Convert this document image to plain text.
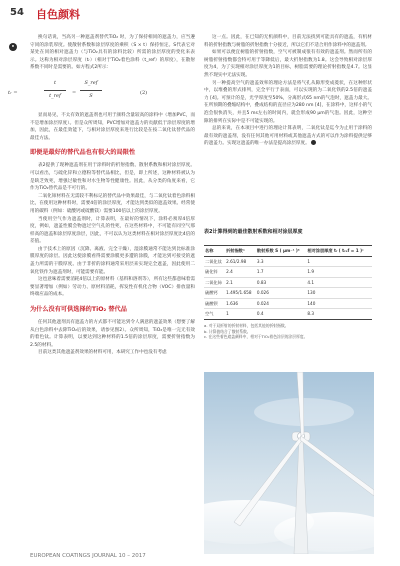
54 自色颜料
•

换句话说，当高另一种遮盖剂替代TiO₂ 时，为了保持相同的遮盖力，应当遵守同的涂装厚度。使散射系数和涂层厚度的乘积（S × t）保持恒定。S代表它对某处在同的相对遮盖力（与TiO₂具有的涂料比较）所需的涂层厚度的变化来表示。这称为相对涂层厚度（tᵣ）（相对于TiO₂着色涂料（t_ref）的厚度），在散射系数不同时是需要的。如方程式2所示：

tᵣ =
t
t_ref	=
S_ref
S	(2)

显而易见，不太有效的遮盖剂也可用于颜料含量较高的涂料中（增加PVC，而不是增加涂层厚度）。但是众所周知，PVC增加对遮盖力的贡献低于涂层厚度的增加，因此，在最佳效能下，与相对涂层厚度来进行比较是在按二氧化钛替代品的最佳方法。

即便是最好的替代品也有很大的局限性

表2提供了现种遮盖剂在用于涂料时的折射指数、散射系数和相对涂层厚度。可以看出，与硫化锌和立德粉等替代品相比，但是，即上所述，这种材料被认为是缺乏致死，增强过敏性和对水生物等性健康性。因此，从分类的角度来看，它作为TiO₂替代品是不可行的。

二氧化铈材料在无需较不利标记的替代品中效果最佳，与二氧化钛着色涂料相比，在使用这种材料时，需要4倍的涂层厚度，才能达到类似的遮盖效果。经常使用的碳料（例如：硫酸钙或硫酸镁）需要100倍以上的涂层厚度。

当使用空气作为遮盖剂时，计算表明，在最好的情况下，涂料必须厚4倍厚度，例如，遮盖性膜会物遮过空气孔的性死，在这些材料中，不可能有同空气那样高的遮盖和涂层厚度涂层，因此，不可以认为这类材料在相对涂层厚度比4倍的差值。

由于技术上的原因（沉降、离液、完全干燥），湿涂膜通常不能达到比标准涂膜厚度的涂层。因此这使涂膜看得需要涂膜更多遭的涂膜，才能达到可接受的遮盖力所需的干膜厚度。由于非折的涂料通常采用层来实现完全遮盖，因此使用二氧化铁作为遮盖剂时，可能需要有能。

这也意味着需要消耗4倍以上的原材料（基料和溶剂等），所有这些都意味着需要显著增加（例如）劳动力、原材料消耗，挥发性有机化合物（VOC）排放量和终端应品的成本。

为什么没有可供选择的TiO₂ 替代品

任何其他遮剂具有遮盖力的方式都不可能达到令人满意的遮盖效果（想要了解从白色涂料中去除TiO₂后的效果，请参见图2）。众所周知，TiO₂是唯一完无有效的着色钛。计算表明，以要达到这种材料的1.5倍的涂层厚度，需要折射指数为2.5的材料。

目前这类其他遮盖剂效果的材料可用，本研究工作中也没有考虑

这一点。因此，在已知的无机颜料中，目前无法找到可能具有的遮盖，有机材料的折射指数与树脂的折射指数十分接近，所以它们不适合用作涂料中的遮盖剂。

如果可以便宜树脂的折射指数，空气可被制成很有有效的遮盖剂。然而所有的树脂折射指数都会特可用于等降低后，最大折射指数为1.8。这会导致相对涂层厚度为4，为了实现相对涂层厚度为1的目标，树脂需要的理论折射指数是4.7。这显然不现实中无法实现。

另一种提高空气的遮盖效率的理论方法是将气孔从隙形变成菱状，在这种形状中，以堆叠的形式排列，完全平行于表面，可以实现的为二氧化铁的2.5倍的遮盖力 [4]。可预计的是，光学厚度至50%，分离形式65 nm的气泡时，遮盖力最大。在所预期的叠缩结构中，叠成结构的直径应为280 nm [4]，在涂料中，这样小的气泡会很快消失，并且5 ms左右的时间内，就会形成90 μm的气泡。因此，这种空隙的排列在实际中是不可能实现的。

总的来说，在本项目中进行的理论计算表明，二氧化钛是迄今为止用于涂料的最有效的遮盖剂，没有任何其他可用材料或其他遮盖方式的可以作为涂料提供足够的遮盖力。实现这遮盖的唯一办法是提高涂层厚度。

表2计算得到的最佳散射系数和相对涂层厚度
名称	折射指数ᵃ	散射系数 S ( μm⁻¹ )ᵇ	相对涂层厚度 tᵣ ( tᵣₑf = 1 )ᶜ
二氧化钛	2.61/2.98	3.3	1
硫化锌	2.4	1.7	1.9
二氧化铈	2.1	0.83	4.1
硫酸钙	1.495/1.658	0.026	130
硫酸钡	1.636	0.024	140
空气	1	0.4	8.3
a. 对于双折射的折射材料，包括其他的折射指数。
b. 计算值结合了散射系数。
c. 在这些着色遮盖颜料中，相对于TiO₂着色涂层的涂层厚度。
EUROPEAN COATINGS JOURNAL 10 – 2017
